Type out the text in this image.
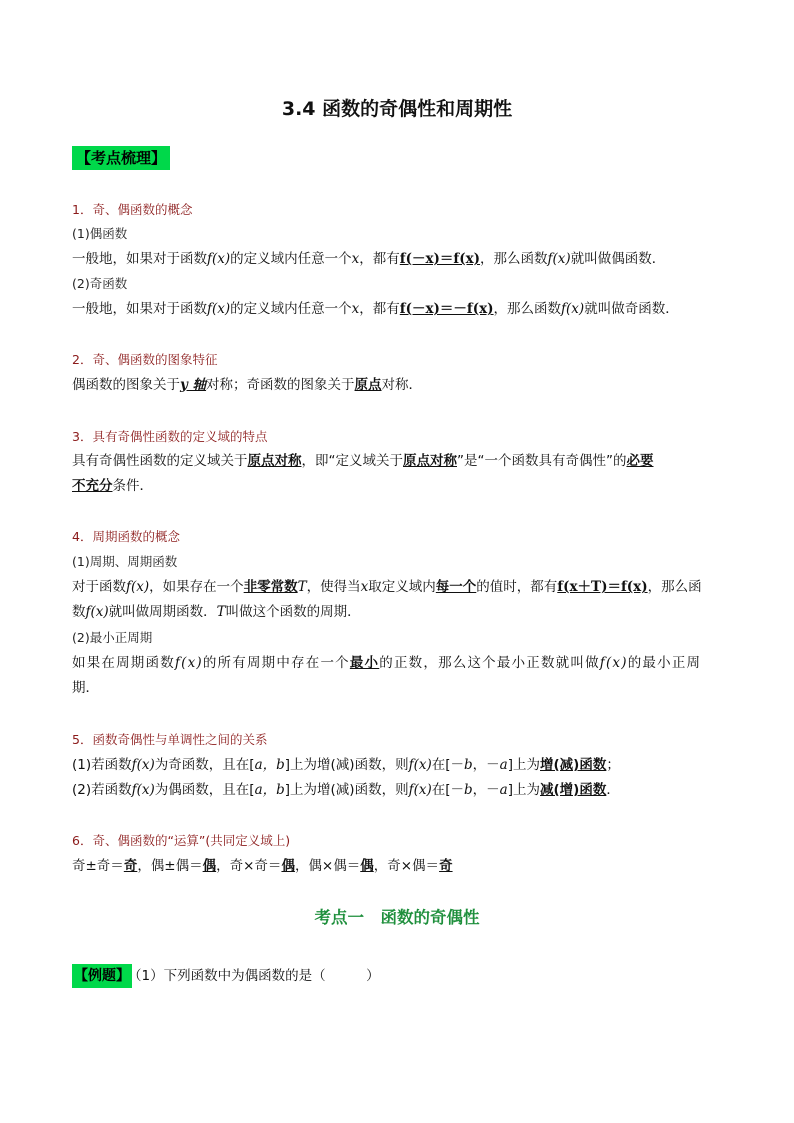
3.4 函数的奇偶性和周期性
【考点梳理】
1．奇、偶函数的概念
(1)偶函数
一般地，如果对于函数f(x)的定义域内任意一个x，都有f(－x)＝f(x)，那么函数f(x)就叫做偶函数．
(2)奇函数
一般地，如果对于函数f(x)的定义域内任意一个x，都有f(－x)＝－f(x)，那么函数f(x)就叫做奇函数．
2．奇、偶函数的图象特征
偶函数的图象关于y 轴对称；奇函数的图象关于原点对称．
3．具有奇偶性函数的定义域的特点
具有奇偶性函数的定义域关于原点对称，即“定义域关于原点对称”是“一个函数具有奇偶性”的必要
不充分条件．
4．周期函数的概念
(1)周期、周期函数
对于函数f(x)，如果存在一个非零常数T，使得当x取定义域内每一个的值时，都有f(x＋T)＝f(x)，那么函
数f(x)就叫做周期函数．T叫做这个函数的周期．
(2)最小正周期
如果在周期函数f(x)的所有周期中存在一个最小的正数，那么这个最小正数就叫做f(x)的最小正周
期．
5．函数奇偶性与单调性之间的关系
(1)若函数f(x)为奇函数，且在[a，b]上为增(减)函数，则f(x)在[－b，－a]上为增(减)函数；
(2)若函数f(x)为偶函数，且在[a，b]上为增(减)函数，则f(x)在[－b，－a]上为减(增)函数．
6．奇、偶函数的“运算”(共同定义域上)
奇±奇＝奇，偶±偶＝偶，奇×奇＝偶，偶×偶＝偶，奇×偶＝奇
考点一　函数的奇偶性
【例题】
（1）下列函数中为偶函数的是（　　　）
